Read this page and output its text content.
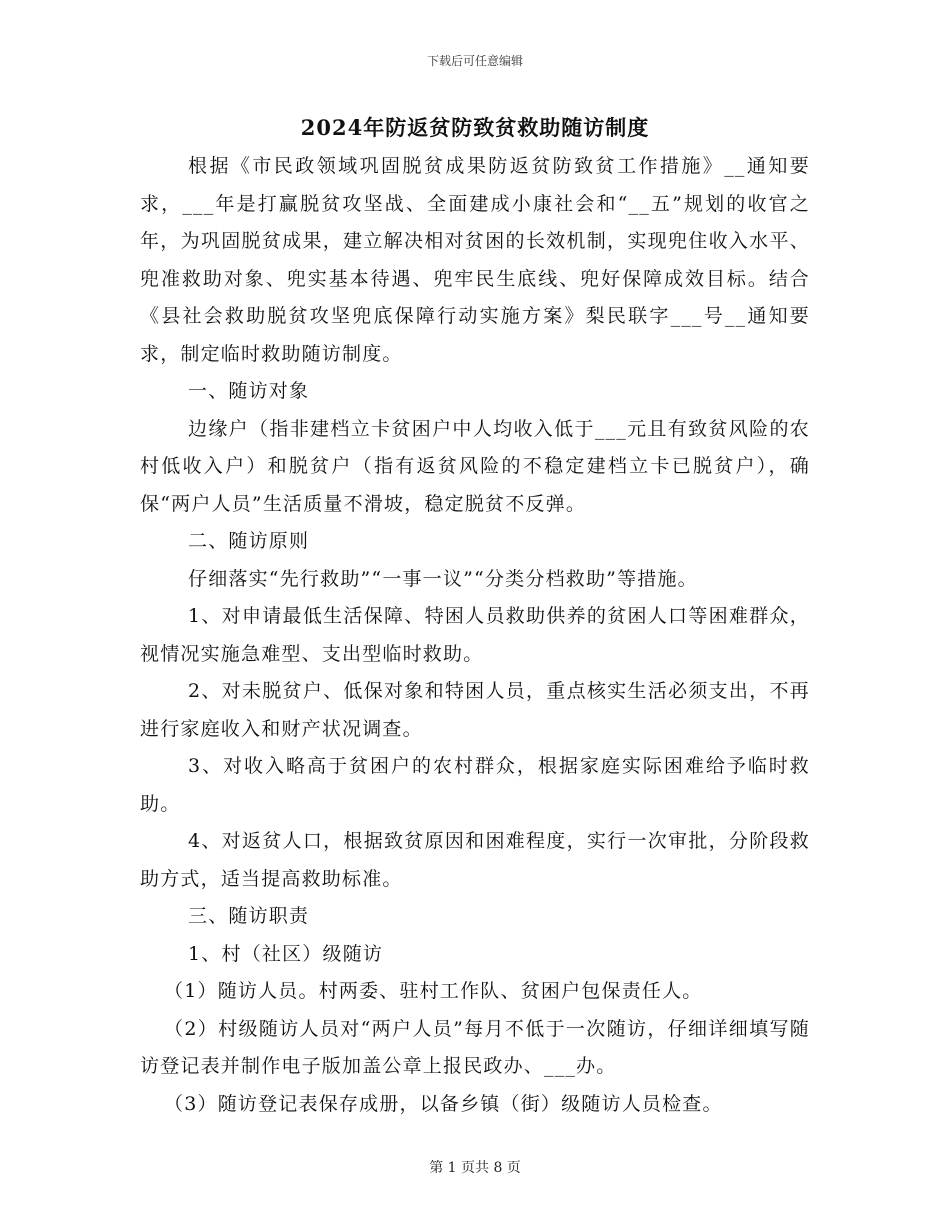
下载后可任意编辑
2024年防返贫防致贫救助随访制度

根据《市民政领域巩固脱贫成果防返贫防致贫工作措施》__通知要求，___年是打赢脱贫攻坚战、全面建成小康社会和“__五”规划的收官之年，为巩固脱贫成果，建立解决相对贫困的长效机制，实现兜住收入水平、兜准救助对象、兜实基本待遇、兜牢民生底线、兜好保障成效目标。结合《县社会救助脱贫攻坚兜底保障行动实施方案》梨民联字___号__通知要求，制定临时救助随访制度。

一、随访对象

边缘户（指非建档立卡贫困户中人均收入低于___元且有致贫风险的农村低收入户）和脱贫户（指有返贫风险的不稳定建档立卡已脱贫户），确保“两户人员”生活质量不滑坡，稳定脱贫不反弹。

二、随访原则

仔细落实“先行救助”“一事一议”“分类分档救助”等措施。

1、对申请最低生活保障、特困人员救助供养的贫困人口等困难群众，视情况实施急难型、支出型临时救助。

2、对未脱贫户、低保对象和特困人员，重点核实生活必须支出，不再进行家庭收入和财产状况调查。

3、对收入略高于贫困户的农村群众，根据家庭实际困难给予临时救助。

4、对返贫人口，根据致贫原因和困难程度，实行一次审批，分阶段救助方式，适当提高救助标准。

三、随访职责

1、村（社区）级随访

（1）随访人员。村两委、驻村工作队、贫困户包保责任人。

（2）村级随访人员对“两户人员”每月不低于一次随访，仔细详细填写随访登记表并制作电子版加盖公章上报民政办、___办。

（3）随访登记表保存成册，以备乡镇（街）级随访人员检查。

第 1 页共 8 页
